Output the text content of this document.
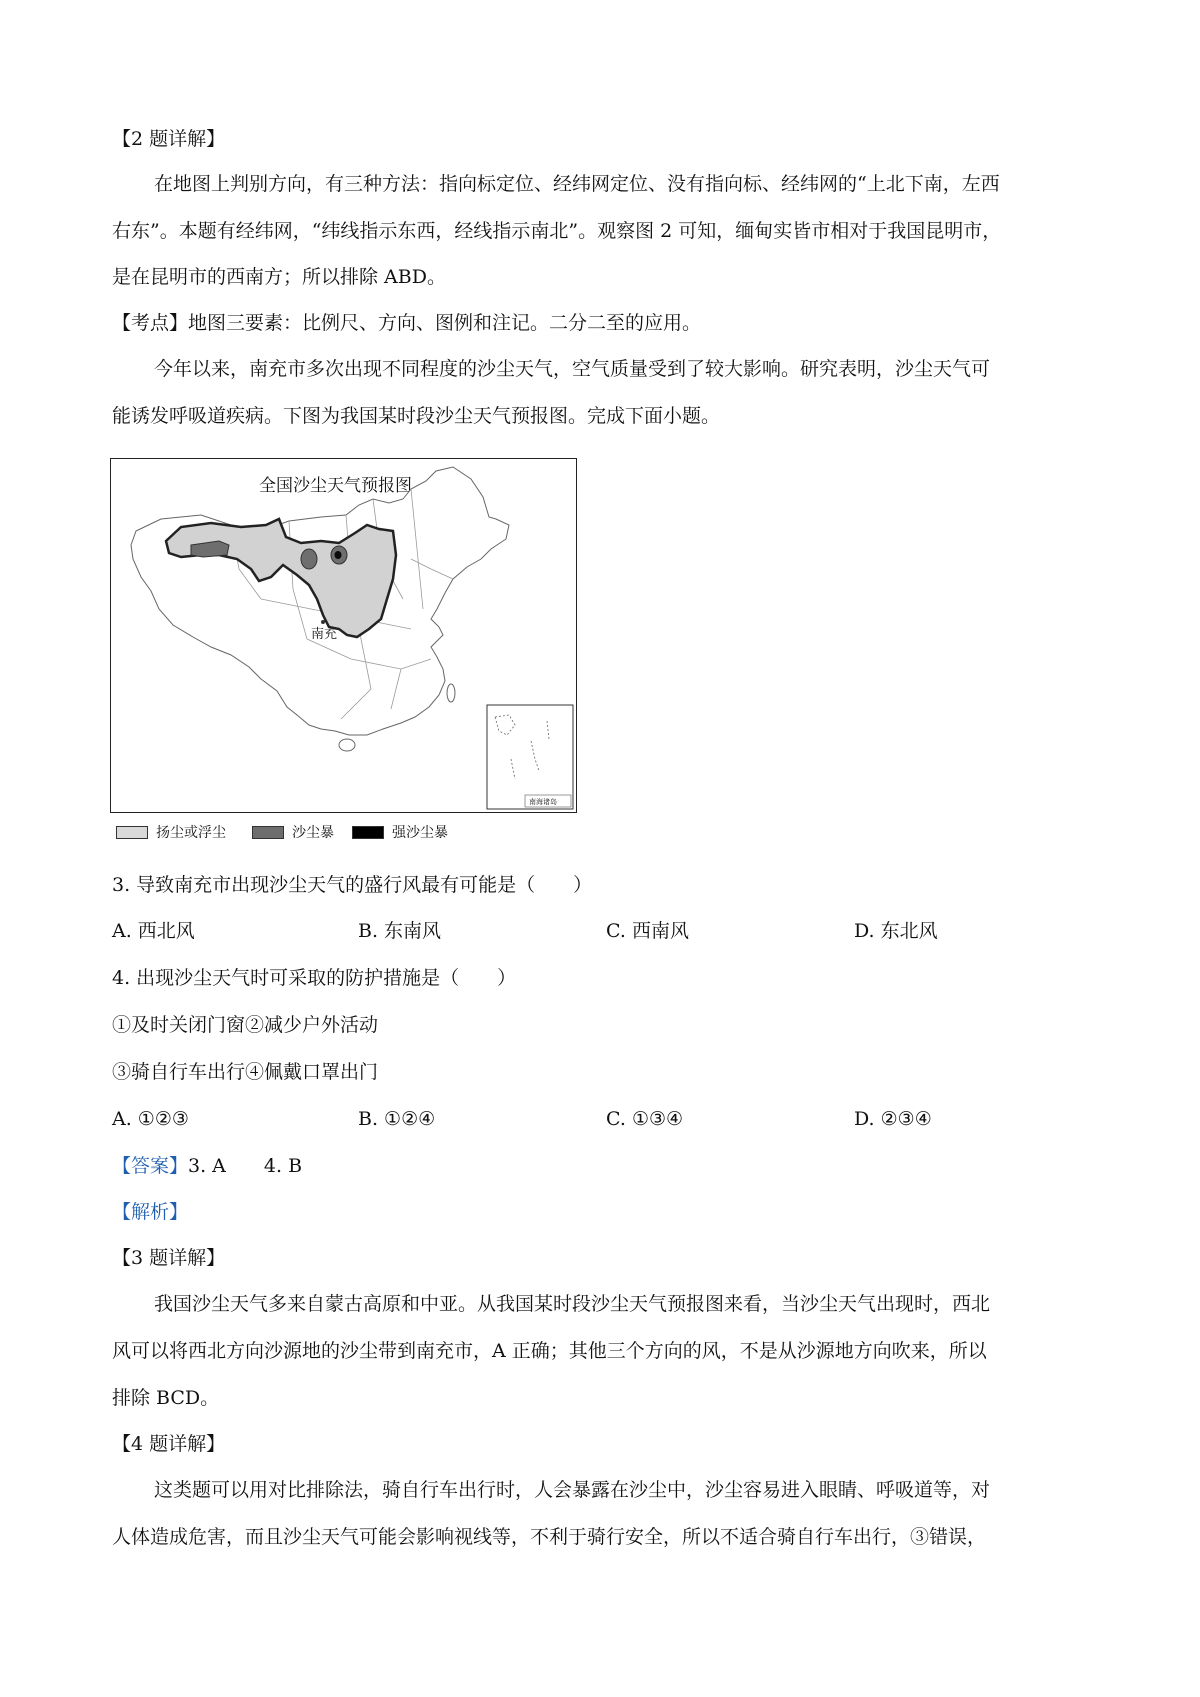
【2 题详解】
在地图上判别方向，有三种方法：指向标定位、经纬网定位、没有指向标、经纬网的“上北下南，左西
右东”。本题有经纬网，“纬线指示东西，经线指示南北”。观察图 2 可知，缅甸实皆市相对于我国昆明市，
是在昆明市的西南方；所以排除 ABD。
【考点】地图三要素：比例尺、方向、图例和注记。二分二至的应用。
今年以来，南充市多次出现不同程度的沙尘天气，空气质量受到了较大影响。研究表明，沙尘天气可
能诱发呼吸道疾病。下图为我国某时段沙尘天气预报图。完成下面小题。
全国沙尘天气预报图
南充
南海诸岛
扬尘或浮尘	沙尘暴	强沙尘暴
3. 导致南充市出现沙尘天气的盛行风最有可能是（　　）
A. 西北风	B. 东南风	C. 西南风	D. 东北风
4. 出现沙尘天气时可采取的防护措施是（　　）
①及时关闭门窗②减少户外活动
③骑自行车出行④佩戴口罩出门
A. ①②③	B. ①②④	C. ①③④	D. ②③④
【答案】3. A　　4. B
【解析】
【3 题详解】
我国沙尘天气多来自蒙古高原和中亚。从我国某时段沙尘天气预报图来看，当沙尘天气出现时，西北
风可以将西北方向沙源地的沙尘带到南充市，A 正确；其他三个方向的风，不是从沙源地方向吹来，所以
排除 BCD。
【4 题详解】
这类题可以用对比排除法，骑自行车出行时，人会暴露在沙尘中，沙尘容易进入眼睛、呼吸道等，对
人体造成危害，而且沙尘天气可能会影响视线等，不利于骑行安全，所以不适合骑自行车出行，③错误，
